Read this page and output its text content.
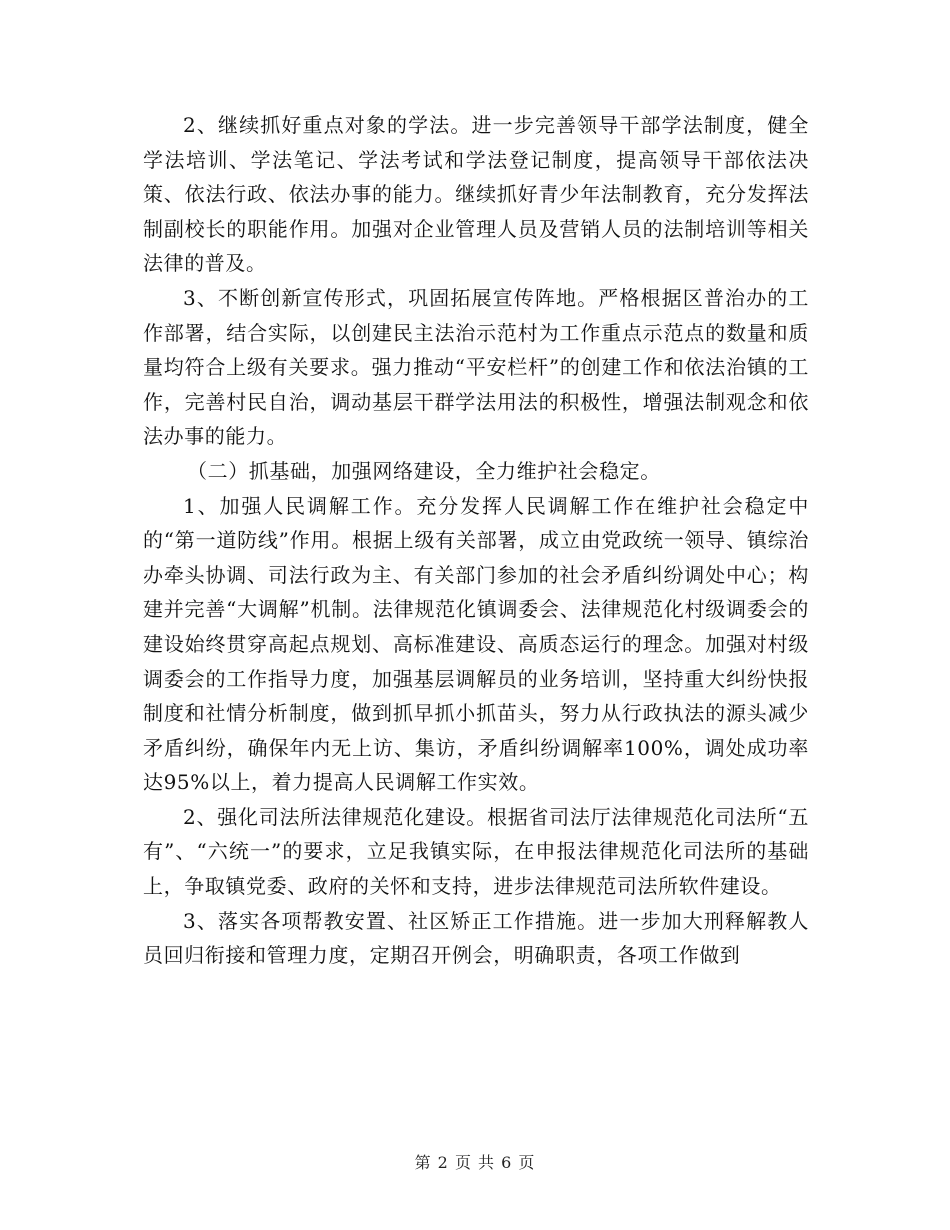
2、继续抓好重点对象的学法。进一步完善领导干部学法制度，健全学法培训、学法笔记、学法考试和学法登记制度，提高领导干部依法决策、依法行政、依法办事的能力。继续抓好青少年法制教育，充分发挥法制副校长的职能作用。加强对企业管理人员及营销人员的法制培训等相关法律的普及。

3、不断创新宣传形式，巩固拓展宣传阵地。严格根据区普治办的工作部署，结合实际，以创建民主法治示范村为工作重点示范点的数量和质量均符合上级有关要求。强力推动“平安栏杆”的创建工作和依法治镇的工作，完善村民自治，调动基层干群学法用法的积极性，增强法制观念和依法办事的能力。

（二）抓基础，加强网络建设，全力维护社会稳定。

1、加强人民调解工作。充分发挥人民调解工作在维护社会稳定中的“第一道防线”作用。根据上级有关部署，成立由党政统一领导、镇综治办牵头协调、司法行政为主、有关部门参加的社会矛盾纠纷调处中心；构建并完善“大调解”机制。法律规范化镇调委会、法律规范化村级调委会的建设始终贯穿高起点规划、高标准建设、高质态运行的理念。加强对村级调委会的工作指导力度，加强基层调解员的业务培训，坚持重大纠纷快报制度和社情分析制度，做到抓早抓小抓苗头，努力从行政执法的源头减少矛盾纠纷，确保年内无上访、集访，矛盾纠纷调解率100%，调处成功率达95%以上，着力提高人民调解工作实效。

2、强化司法所法律规范化建设。根据省司法厅法律规范化司法所“五有”、“六统一”的要求，立足我镇实际，在申报法律规范化司法所的基础上，争取镇党委、政府的关怀和支持，进步法律规范司法所软件建设。

3、落实各项帮教安置、社区矫正工作措施。进一步加大刑释解教人员回归衔接和管理力度，定期召开例会，明确职责，各项工作做到

第 2 页 共 6 页
